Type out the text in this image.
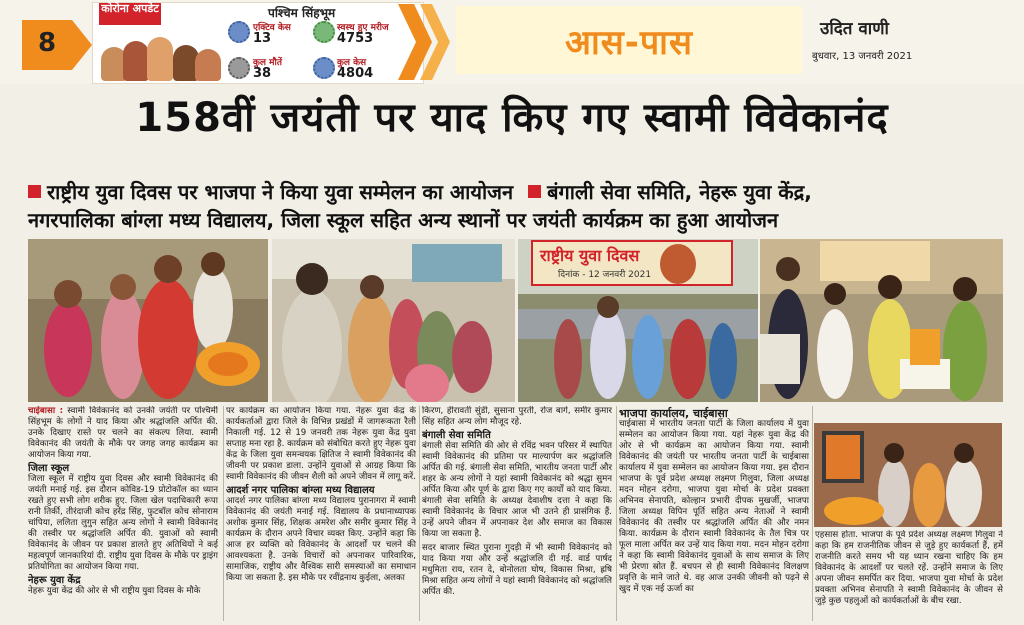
8
कोरोना अपडेट	पश्चिम सिंहभूम
एक्टिव केस
13
स्वस्थ हुए मरीज
4753
कुल मौतें
38
कुल केस
4804
आस-पास	उदित वाणी
बुधवार, 13 जनवरी 2021
158वीं जयंती पर याद किए गए स्वामी विवेकानंद
राष्ट्रीय युवा दिवस पर भाजपा ने किया युवा सम्मेलन का आयोजन बंगाली सेवा समिति, नेहरू युवा केंद्र,
नगरपालिका बांग्ला मध्य विद्यालय, जिला स्कूल सहित अन्य स्थानों पर जयंती कार्यक्रम का हुआ आयोजन
राष्ट्रीय युवा दिवस
दिनांक - 12 जनवरी 2021
चाईबासा : स्वामी विवेकानंद को उनकी जयंती पर पश्चिमी सिंहभूम के लोगों ने याद किया और श्रद्धांजलि अर्पित की. उनके दिखाए रास्ते पर चलने का संकल्प लिया. स्वामी विवेकानंद की जयंती के मौके पर जगह जगह कार्यक्रम का आयोजन किया गया.
जिला स्कूल
जिला स्कूल में राष्ट्रीय युवा दिवस और स्वामी विवेकानंद की जयंती मनाई गई. इस दौरान कोविड-19 प्रोटोकॉल का ध्यान रखते हुए सभी लोग शरीक हुए. जिला खेल पदाधिकारी रूपा रानी तिर्की, तीरंदाजी कोच हरेंद्र सिंह, फुटबॉल कोच सोनाराम चांपिया, ललिता लुगुन सहित अन्य लोगों ने स्वामी विवेकानंद की तस्वीर पर श्रद्धांजलि अर्पित की. युवाओं को स्वामी विवेकानंद के जीवन पर प्रकाश डालते हुए अतिथियों ने कई महत्वपूर्ण जानकारियां दी. राष्ट्रीय युवा दिवस के मौके पर ड्राइंग प्रतियोगिता का आयोजन किया गया.
नेहरू युवा केंद्र
नेहरू युवा केंद्र की ओर से भी राष्ट्रीय युवा दिवस के मौके
पर कार्यक्रम का आयोजन किया गया. नेहरू युवा केंद्र के कार्यकर्ताओं द्वारा जिले के विभिन्न प्रखंडों में जागरूकता रैली निकाली गई. 12 से 19 जनवरी तक नेहरू युवा केंद्र युवा सप्ताह मना रहा है. कार्यक्रम को संबोधित करते हुए नेहरू युवा केंद्र के जिला युवा समन्वयक क्षितिज ने स्वामी विवेकानंद की जीवनी पर प्रकाश डाला. उन्होंने युवाओं से आग्रह किया कि स्वामी विवेकानंद की जीवन शैली को अपने जीवन में लागू करें.
आदर्श नगर पालिका बांग्ला मध्य विद्यालय
आदर्श नगर पालिका बांग्ला मध्य विद्यालय पुरानागरा में स्वामी विवेकानंद की जयंती मनाई गई. विद्यालय के प्रधानाध्यापक अशोक कुमार सिंह, शिक्षक अमरेश और समीर कुमार सिंह ने कार्यक्रम के दौरान अपने विचार व्यक्त किए. उन्होंने कहा कि आज हर व्यक्ति को विवेकानंद के आदर्शों पर चलने की आवश्यकता है. उनके विचारों को अपनाकर पारिवारिक, सामाजिक, राष्ट्रीय और वैश्विक सारी समस्याओं का समाधान किया जा सकता है. इस मौके पर रवींद्रनाथ कुईला, अलका
किरण, हीरावती सुंडी, सुसाना पुरती, रोज बागे, समीर कुमार सिंह सहित अन्य लोग मौजूद रहे.
बंगाली सेवा समिति
बंगाली सेवा समिति की ओर से रविंद्र भवन परिसर में स्थापित स्वामी विवेकानंद की प्रतिमा पर माल्यार्पण कर श्रद्धांजलि अर्पित की गई. बंगाली सेवा समिति, भारतीय जनता पार्टी और शहर के अन्य लोगों ने यहां स्वामी विवेकानंद को श्रद्धा सुमन अर्पित किया और पूर्ण के द्वारा किए गए कार्यों को याद किया. बंगाली सेवा समिति के अध्यक्ष देवाशीष दत्ता ने कहा कि स्वामी विवेकानंद के विचार आज भी उतने ही प्रासंगिक हैं. उन्हें अपने जीवन में अपनाकर देश और समाज का विकास किया जा सकता है.
सदर बाजार स्थित पुराना गुदड़ी में भी स्वामी विवेकानंद को याद किया गया और उन्हें श्रद्धांजलि दी गई. वार्ड पार्षद मधुमिता राय, रतन दे, बोनोलता घोष, विकास मिश्रा, ह्रषि मिश्रा सहित अन्य लोगों ने यहां स्वामी विवेकानंद को श्रद्धांजलि अर्पित की.
भाजपा कार्यालय, चाईबासा
चाईबासा में भारतीय जनता पार्टी के जिला कार्यालय में युवा सम्मेलन का आयोजन किया गया. यहां नेहरू युवा केंद्र की ओर से भी कार्यक्रम का आयोजन किया गया. स्वामी विवेकानंद की जयंती पर भारतीय जनता पार्टी के चाईबासा कार्यालय में युवा सम्मेलन का आयोजन किया गया. इस दौरान भाजपा के पूर्व प्रदेश अध्यक्ष लक्ष्मण गिलुवा, जिला अध्यक्ष मदन मोहन दरोगा, भाजपा युवा मोर्चा के प्रदेश प्रवक्ता अभिनव सेनापति, कोल्हान प्रभारी दीपक मुखर्जी, भाजपा जिला अध्यक्ष विपिन पूर्ति सहित अन्य नेताओं ने स्वामी विवेकानंद की तस्वीर पर श्रद्धांजलि अर्पित की और नमन किया. कार्यक्रम के दौरान स्वामी विवेकानंद के तैल चित्र पर फूल माला अर्पित कर उन्हें याद किया गया. मदन मोहन दरोगा ने कहा कि स्वामी विवेकानंद युवाओं के साथ समाज के लिए भी प्रेरणा स्रोत हैं. बचपन से ही स्वामी विवेकानंद विलक्षण प्रवृत्ति के माने जाते थे. वह आज उनकी जीवनी को पढ़ने से खुद में एक नई ऊर्जा का
एहसास होता. भाजपा के पूर्व प्रदेश अध्यक्ष लक्ष्मण गिलुवा ने कहा कि हम राजनीतिक जीवन से जुड़े हुए कार्यकर्ता हैं, हमें राजनीति करते समय भी यह ध्यान रखना चाहिए कि हम विवेकानंद के आदर्शों पर चलते रहें. उन्होंने समाज के लिए अपना जीवन समर्पित कर दिया. भाजपा युवा मोर्चा के प्रदेश प्रवक्ता अभिनव सेनापति ने स्वामी विवेकानंद के जीवन से जुड़े कुछ पहलुओं को कार्यकर्ताओं के बीच रखा.
